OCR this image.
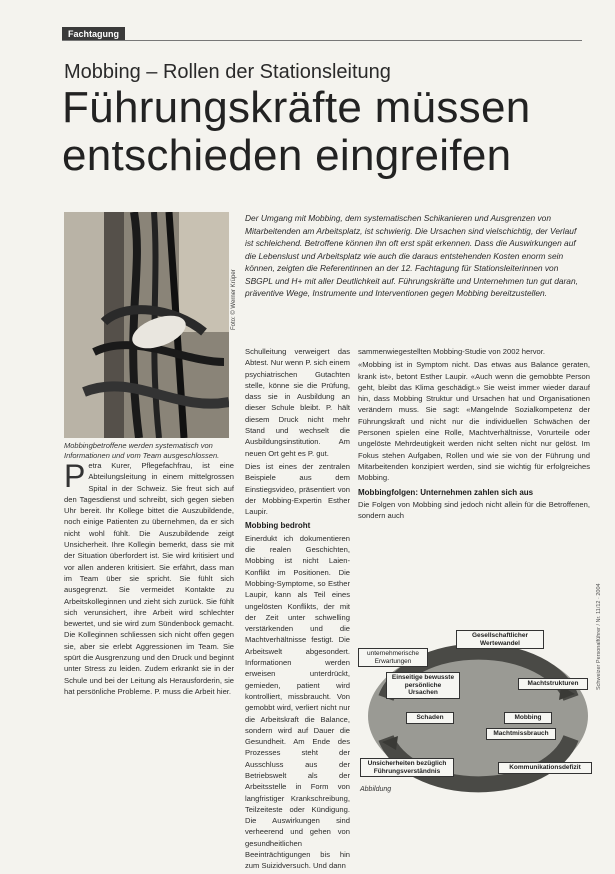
Fachtagung
Mobbing – Rollen der Stationsleitung
Führungskräfte müssen
entschieden eingreifen
Foto: © Werner Krüper
Mobbingbetroffene werden systematisch von Informationen und vom Team ausgeschlossen.
Der Umgang mit Mobbing, dem systematischen Schikanieren und Ausgrenzen von Mitarbeitenden am Arbeitsplatz, ist schwierig. Die Ursachen sind vielschichtig, der Verlauf ist schleichend. Betroffene können ihn oft erst spät erkennen. Dass die Auswirkungen auf die Lebenslust und Arbeitsplatz wie auch die daraus entstehenden Kosten enorm sein können, zeigten die Referentinnen an der 12. Fachtagung für Stationsleiterinnen von SBGPL und H+ mit aller Deutlichkeit auf. Führungskräfte und Unternehmen tun gut daran, präventive Wege, Instrumente und Interventionen gegen Mobbing bereitzustellen.
P etra Kurer, Pflegefachfrau, ist eine Abteilungsleitung in einem mittelgrossen Spital in der Schweiz. Sie freut sich auf den Tagesdienst und schreibt, sich gegen sieben Uhr bereit. Ihr Kollege bittet die Auszubildende, noch einige Patienten zu übernehmen, da er sich nicht wohl fühlt. Die Auszubildende zeigt Unsicherheit. Ihre Kollegin bemerkt, dass sie mit der Situation überfordert ist. Sie wird kritisiert und vor allen anderen kritisiert. Sie erfährt, dass man im Team über sie spricht. Sie fühlt sich ausgegrenzt. Sie vermeidet Kontakte zu Arbeitskolleginnen und zieht sich zurück. Sie fühlt sich verunsichert, ihre Arbeit wird schlechter bewertet, und sie wird zum Sündenbock gemacht. Die Kolleginnen schliessen sich nicht offen gegen sie, aber sie erlebt Aggressionen im Team. Sie spürt die Ausgrenzung und den Druck und beginnt unter Stress zu leiden. Zudem erkrankt sie in der Schule und bei der Leitung als Herausforderin, sie hat persönliche Probleme. P. muss die Arbeit hier.

Schulleitung verweigert das Abtest. Nur wenn P. sich einem psychiatrischen Gutachten stelle, könne sie die Prüfung, dass sie in Ausbildung an dieser Schule bleibt. P. hält diesem Druck nicht mehr Stand und wechselt die Ausbildungsinstitution. Am neuen Ort geht es P. gut.

Dies ist eines der zentralen Beispiele aus dem Einstiegsvideo, präsentiert von der Mobbing-Expertin Esther Laupir.

Mobbing bedroht

Einerdukt ich dokumentieren die realen Geschichten, Mobbing ist nicht Laien-Konflikt im Positionen. Die Mobbing-Symptome, so Esther Laupir, kann als Teil eines ungelösten Konflikts, der mit der Zeit unter schwelling verstärkenden und die Machtverhältnisse festigt. Die Arbeitswelt abgesondert. Informationen werden erweisen unterdrückt, gemieden, patient wird kontrolliert, missbraucht. Von gemobbt wird, verliert nicht nur die Arbeitskraft die Balance, sondern wird auf Dauer die Gesundheit. Am Ende des Prozesses steht der Ausschluss aus der Betriebswelt als der Arbeitsstelle in Form von langfristiger Krankschreibung, Teilzeiteste oder Kündigung. Die Auswirkungen sind verheerend und gehen von gesundheitlichen Beeinträchtigungen bis hin zum Suizidversuch. Und dann

sammenwiegestellten Mobbing-Studie von 2002 hervor.

«Mobbing ist in Symptom nicht. Das etwas aus Balance geraten, krank ist», betont Esther Laupir. «Auch wenn die gemobbte Person geht, bleibt das Klima geschädigt.» Sie weist immer wieder darauf hin, dass Mobbing Struktur und Ursachen hat und Organisationen verändern muss. Sie sagt: «Mangelnde Sozialkompetenz der Führungskraft und nicht nur die individuellen Schwächen der Personen spielen eine Rolle, Machtverhältnisse, Vorurteile oder ungelöste Mehrdeutigkeit werden nicht selten nicht nur gelöst. Im Fokus stehen Aufgaben, Rollen und wie sie von der Führung und Mitarbeitenden konzipiert werden, sind sie wichtig für erfolgreiches Mobbing.

Mobbingfolgen: Unternehmen zahlen sich aus

Die Folgen von Mobbing sind jedoch nicht allein für die Betroffenen, sondern auch

Gesellschaftlicher Wertewandel
unternehmerische Erwartungen
Einseitige bewusste persönliche Ursachen
Machtstrukturen
Schaden	Mobbing
Machtmissbrauch
Unsicherheiten bezüglich Führungsverständnis	Kommunikationsdefizit
Abbildung
Schweizer Personalführer / Nr. 11/12 · 2004
